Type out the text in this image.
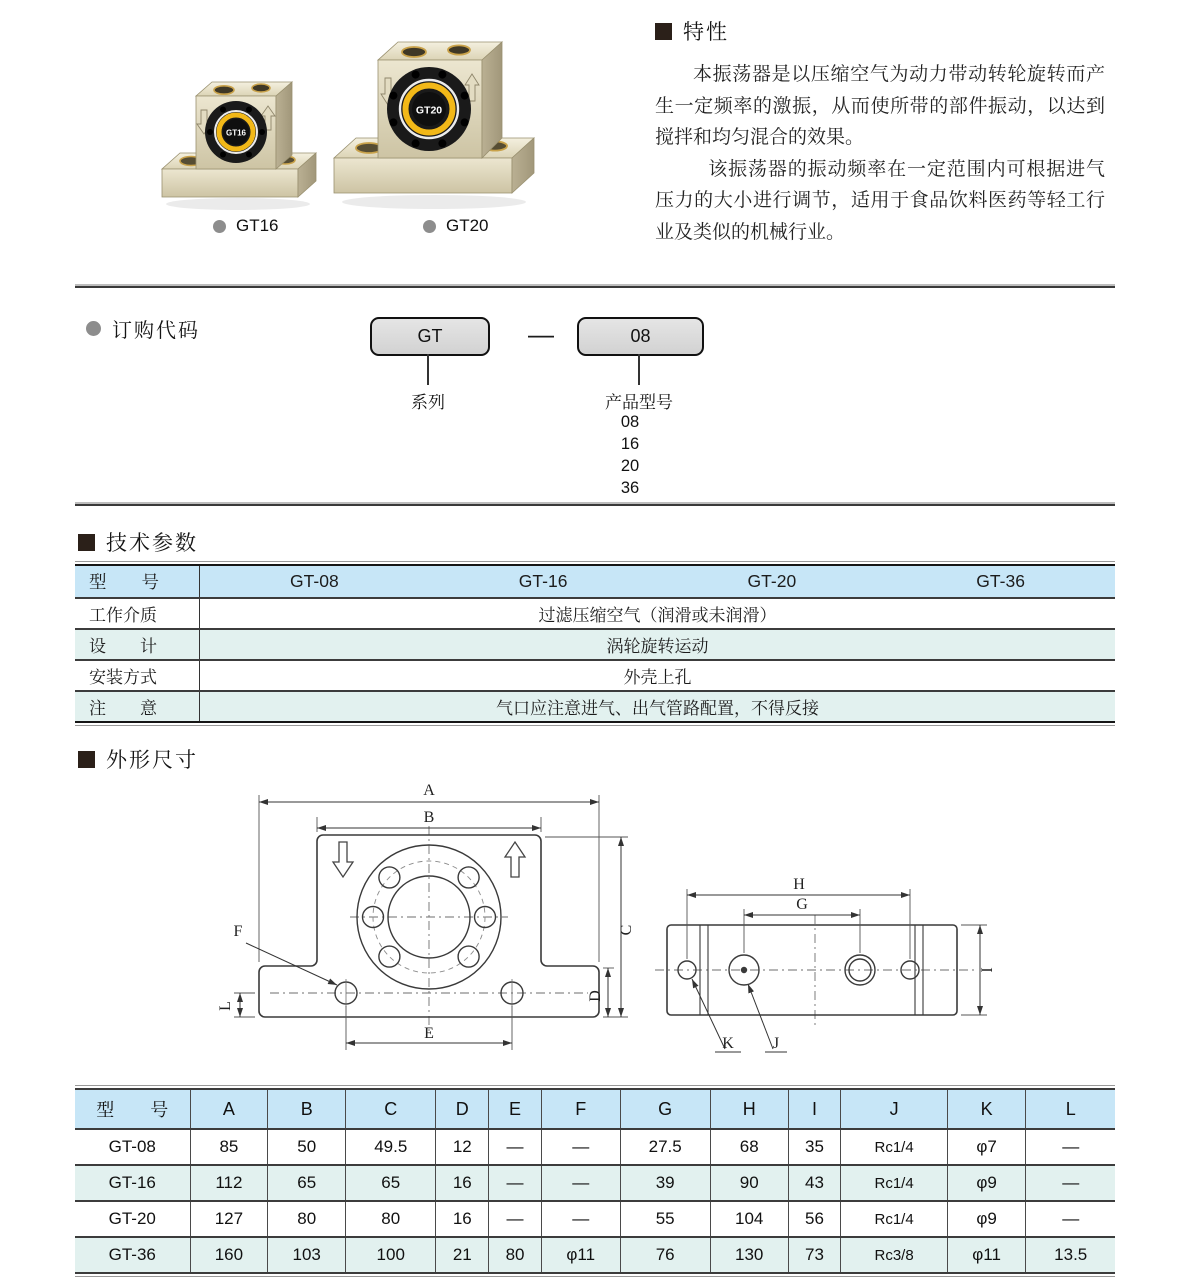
GT16
GT20
GT16	GT20
特性

本振荡器是以压缩空气为动力带动转轮旋转而产生一定频率的激振，从而使所带的部件振动，以达到搅拌和均匀混合的效果。

该振荡器的振动频率在一定范围内可根据进气压力的大小进行调节，适用于食品饮料医药等轻工行业及类似的机械行业。

订购代码	GT	—	08
系列	产品型号
08
16
20
36
技术参数
型　　号	GT-08	GT-16	GT-20	GT-36
工作介质	过滤压缩空气（润滑或未润滑）
设　　计	涡轮旋转运动
安装方式	外壳上孔
注　　意	气口应注意进气、出气管路配置，不得反接
外形尺寸
A
B
C
D
L
E
F
H
G
I
K J
型　　号	A	B	C	D	E	F	G	H	I	J	K	L
GT-08	85	50	49.5	12	—	—	27.5	68	35	Rc1/4	φ7	—
GT-16	112	65	65	16	—	—	39	90	43	Rc1/4	φ9	—
GT-20	127	80	80	16	—	—	55	104	56	Rc1/4	φ9	—
GT-36	160	103	100	21	80	φ11	76	130	73	Rc3/8	φ11	13.5
